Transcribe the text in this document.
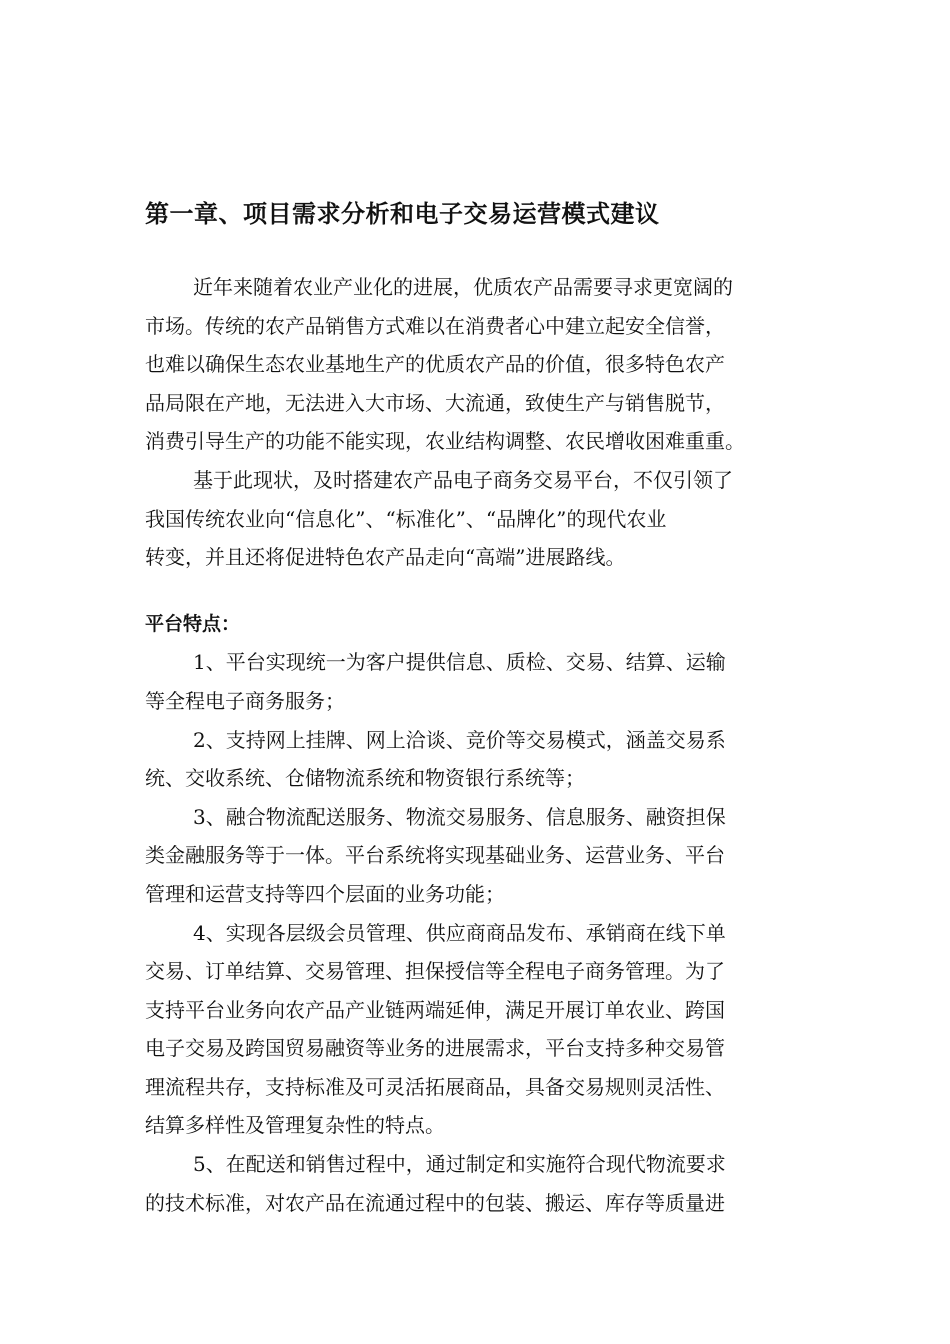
第一章、项目需求分析和电子交易运营模式建议
近年来随着农业产业化的进展，优质农产品需要寻求更宽阔的
市场。传统的农产品销售方式难以在消费者心中建立起安全信誉，
也难以确保生态农业基地生产的优质农产品的价值，很多特色农产
品局限在产地，无法进入大市场、大流通，致使生产与销售脱节，
消费引导生产的功能不能实现，农业结构调整、农民增收困难重重。
基于此现状，及时搭建农产品电子商务交易平台，不仅引领了
我国传统农业向“信息化”、“标准化”、“品牌化”的现代农业
转变，并且还将促进特色农产品走向“高端”进展路线。
平台特点：
1、平台实现统一为客户提供信息、质检、交易、结算、运输
等全程电子商务服务；
2、支持网上挂牌、网上洽谈、竞价等交易模式，涵盖交易系
统、交收系统、仓储物流系统和物资银行系统等；
3、融合物流配送服务、物流交易服务、信息服务、融资担保
类金融服务等于一体。平台系统将实现基础业务、运营业务、平台
管理和运营支持等四个层面的业务功能；
4、实现各层级会员管理、供应商商品发布、承销商在线下单
交易、订单结算、交易管理、担保授信等全程电子商务管理。为了
支持平台业务向农产品产业链两端延伸，满足开展订单农业、跨国
电子交易及跨国贸易融资等业务的进展需求，平台支持多种交易管
理流程共存，支持标准及可灵活拓展商品，具备交易规则灵活性、
结算多样性及管理复杂性的特点。
5、在配送和销售过程中，通过制定和实施符合现代物流要求
的技术标准，对农产品在流通过程中的包装、搬运、库存等质量进
